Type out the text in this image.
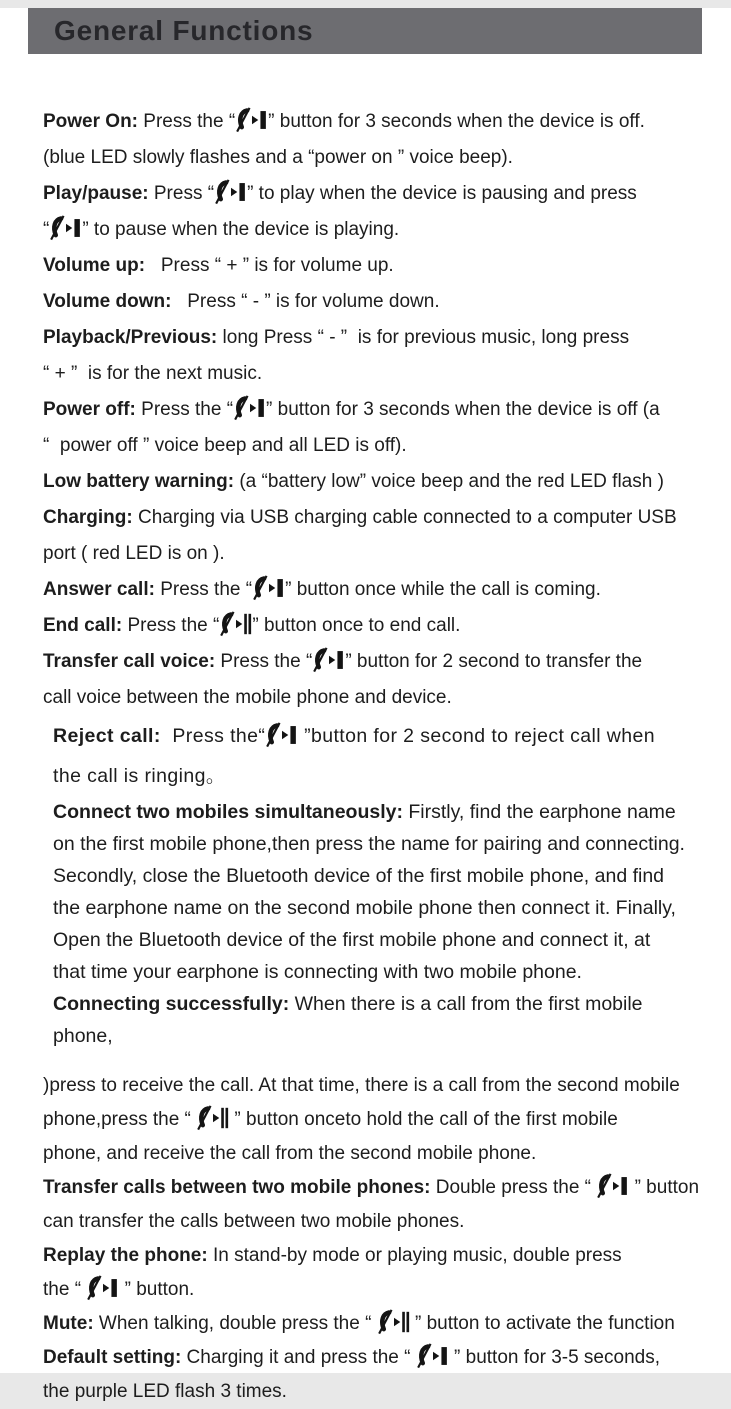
General Functions
Power On: Press the “ ” button for 3 seconds when the device is off.
(blue LED slowly flashes and a “power on ” voice beep).
Play/pause: Press “ ” to play when the device is pausing and press
“ ” to pause when the device is playing.
Volume up:   Press “ + ” is for volume up.
Volume down:   Press “ - ” is for volume down.
Playback/Previous: long Press “ - ”  is for previous music, long press
“ + ”  is for the next music.
Power off: Press the “ ” button for 3 seconds when the device is off (a
“  power off ” voice beep and all LED is off).
Low battery warning: (a “battery low” voice beep and the red LED flash )
Charging: Charging via USB charging cable connected to a computer USB
port ( red LED is on ).
Answer call: Press the “ ” button once while the call is coming.
End call: Press the “ ” button once to end call.
Transfer call voice: Press the “ ” button for 2 second to transfer the
call voice between the mobile phone and device.
Reject call:  Press the“ ”button for 2 second to reject call when
the call is ringing。
Connect two mobiles simultaneously: Firstly, find the earphone name
on the first mobile phone,then press the name for pairing and connecting.
Secondly, close the Bluetooth device of the first mobile phone, and find
the earphone name on the second mobile phone then connect it. Finally,
Open the Bluetooth device of the first mobile phone and connect it, at
that time your earphone is connecting with two mobile phone.
Connecting successfully: When there is a call from the first mobile phone,
)press to receive the call. At that time, there is a call from the second mobile
phone,press the “  ” button onceto hold the call of the first mobile
phone, and receive the call from the second mobile phone.
Transfer calls between two mobile phones: Double press the “  ” button
can transfer the calls between two mobile phones.
Replay the phone: In stand-by mode or playing music, double press
the “  ” button.
Mute: When talking, double press the “  ” button to activate the function
Default setting: Charging it and press the “  ” button for 3-5 seconds,
the purple LED flash 3 times.
